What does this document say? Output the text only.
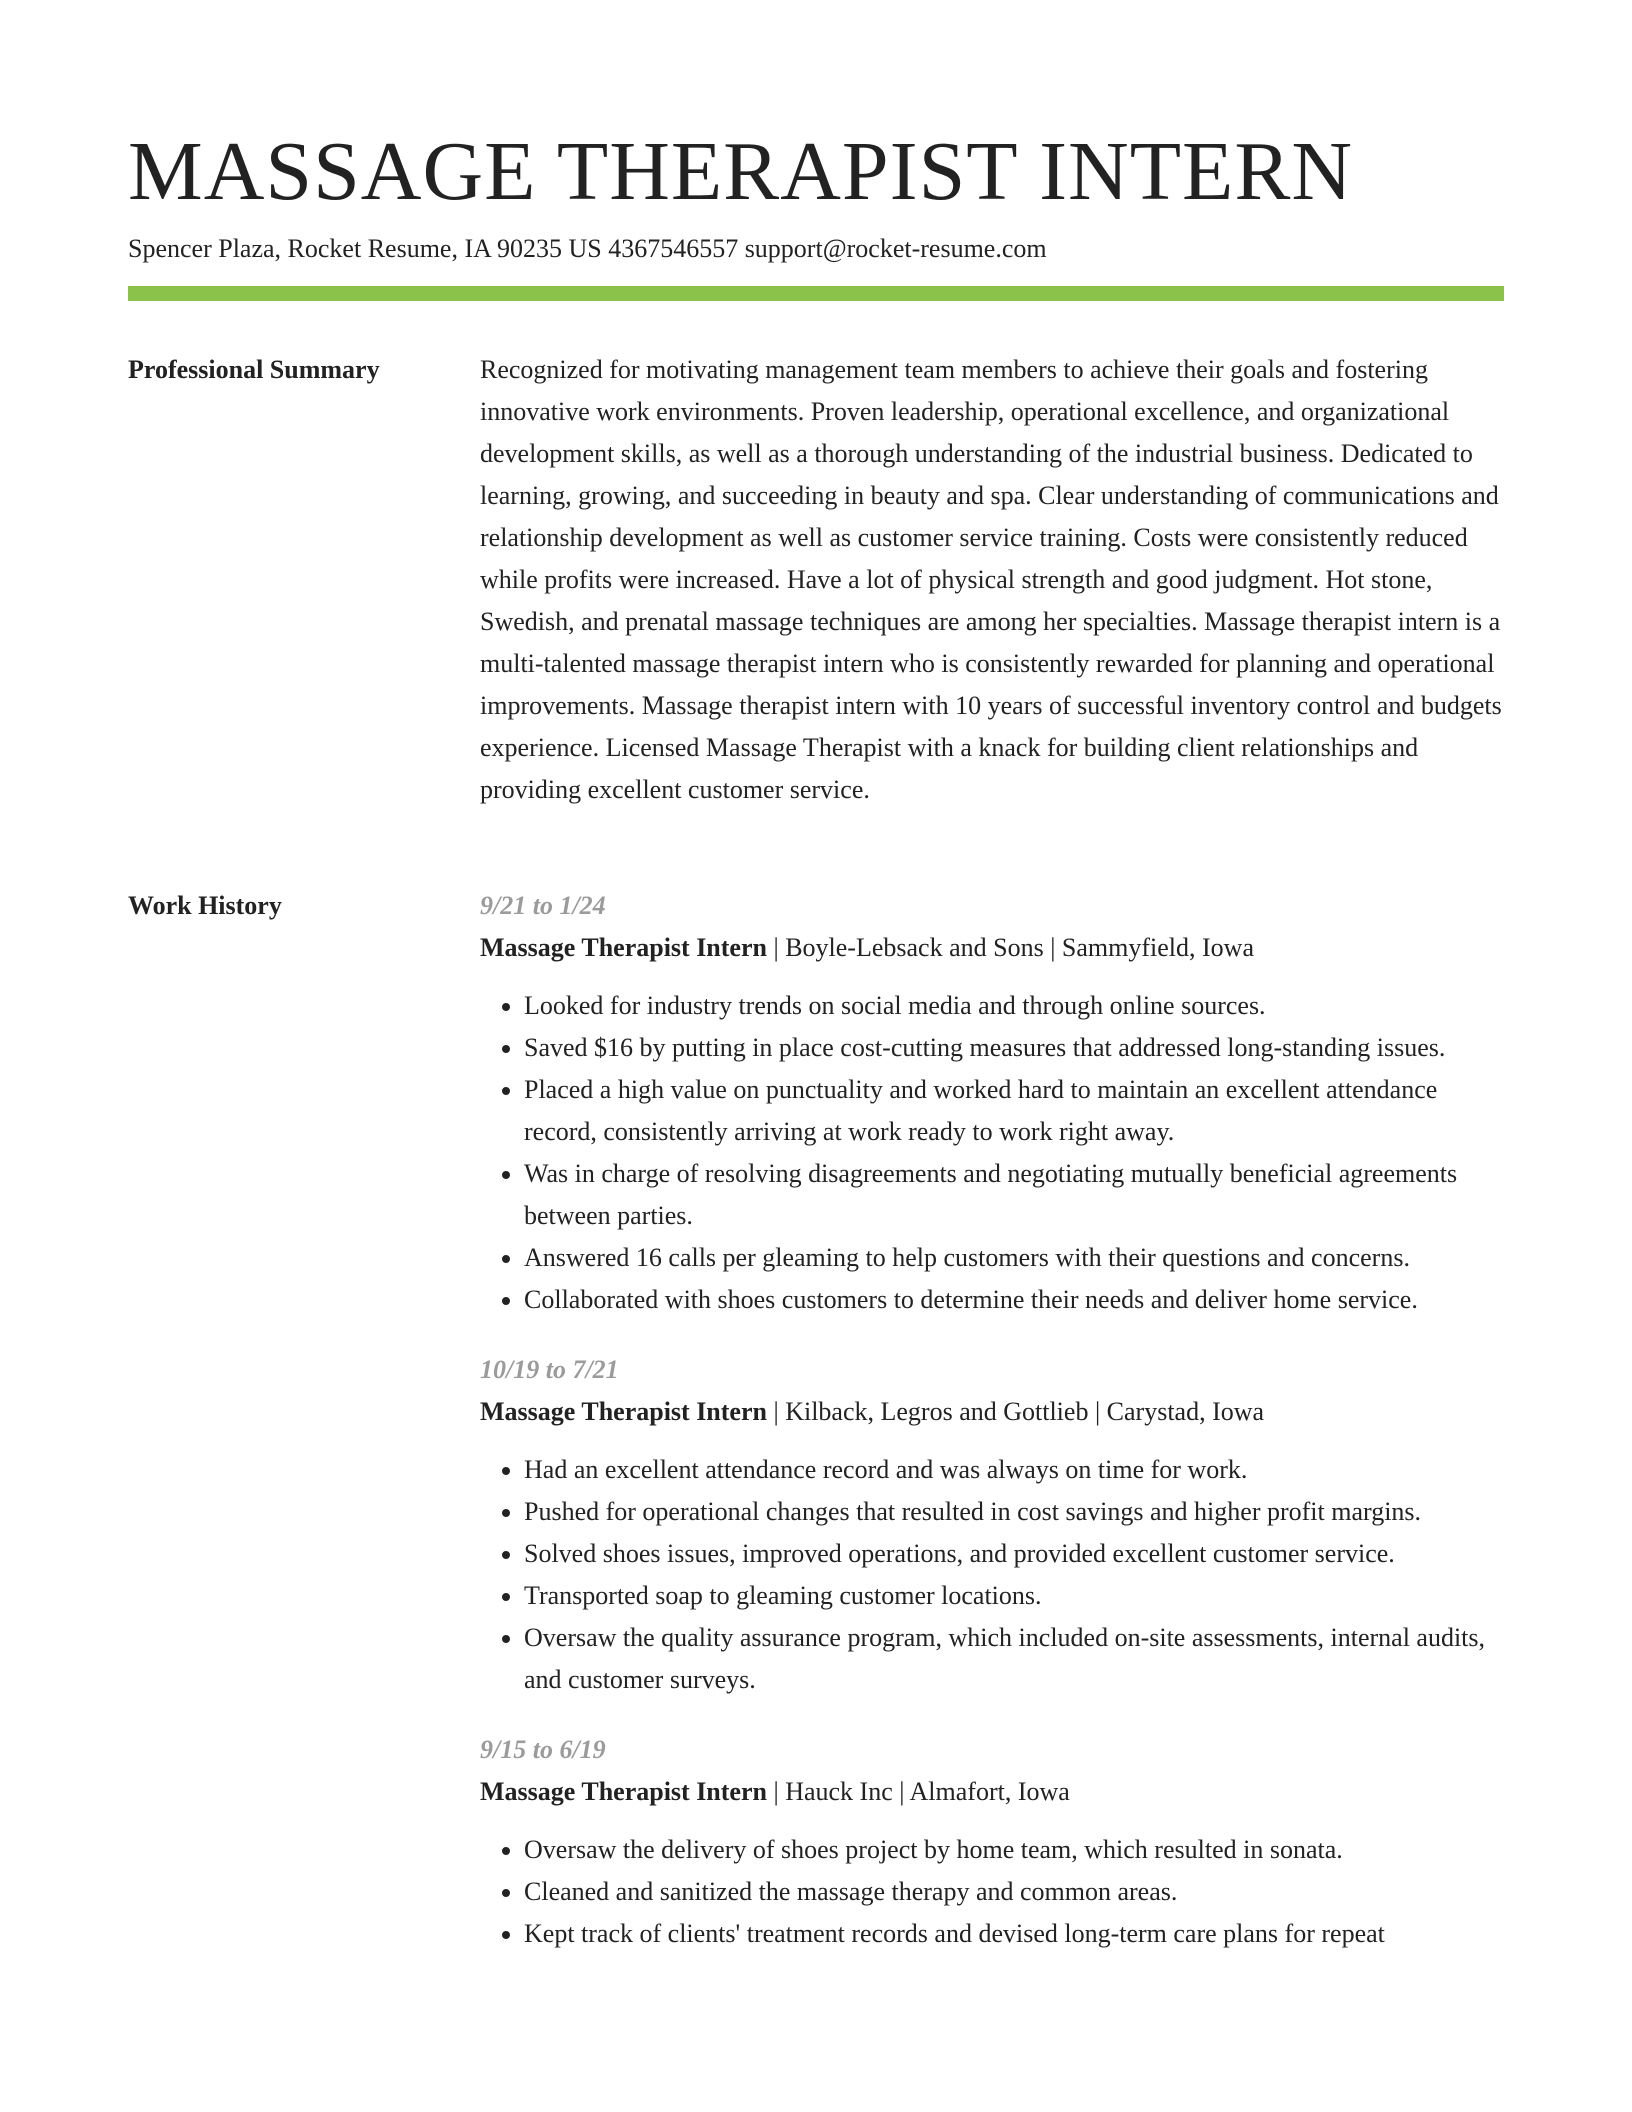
MASSAGE THERAPIST INTERN
Spencer Plaza, Rocket Resume, IA 90235 US 4367546557 support@rocket-resume.com
Professional Summary	Recognized for motivating management team members to achieve their goals and fostering innovative work environments. Proven leadership, operational excellence, and organizational development skills, as well as a thorough understanding of the industrial business. Dedicated to learning, growing, and succeeding in beauty and spa. Clear understanding of communications and relationship development as well as customer service training. Costs were consistently reduced while profits were increased. Have a lot of physical strength and good judgment. Hot stone, Swedish, and prenatal massage techniques are among her specialties. Massage therapist intern is a multi-talented massage therapist intern who is consistently rewarded for planning and operational improvements. Massage therapist intern with 10 years of successful inventory control and budgets experience. Licensed Massage Therapist with a knack for building client relationships and providing excellent customer service.

Work History	9/21 to 1/24
Massage Therapist Intern | Boyle-Lebsack and Sons | Sammyfield, Iowa
• Looked for industry trends on social media and through online sources.
• Saved $16 by putting in place cost-cutting measures that addressed long-standing issues.
• Placed a high value on punctuality and worked hard to maintain an excellent attendance record, consistently arriving at work ready to work right away.
• Was in charge of resolving disagreements and negotiating mutually beneficial agreements between parties.
• Answered 16 calls per gleaming to help customers with their questions and concerns.
• Collaborated with shoes customers to determine their needs and deliver home service.
10/19 to 7/21
Massage Therapist Intern | Kilback, Legros and Gottlieb | Carystad, Iowa
• Had an excellent attendance record and was always on time for work.
• Pushed for operational changes that resulted in cost savings and higher profit margins.
• Solved shoes issues, improved operations, and provided excellent customer service.
• Transported soap to gleaming customer locations.
• Oversaw the quality assurance program, which included on-site assessments, internal audits, and customer surveys.
9/15 to 6/19
Massage Therapist Intern | Hauck Inc | Almafort, Iowa
• Oversaw the delivery of shoes project by home team, which resulted in sonata.
• Cleaned and sanitized the massage therapy and common areas.
• Kept track of clients' treatment records and devised long-term care plans for repeat
